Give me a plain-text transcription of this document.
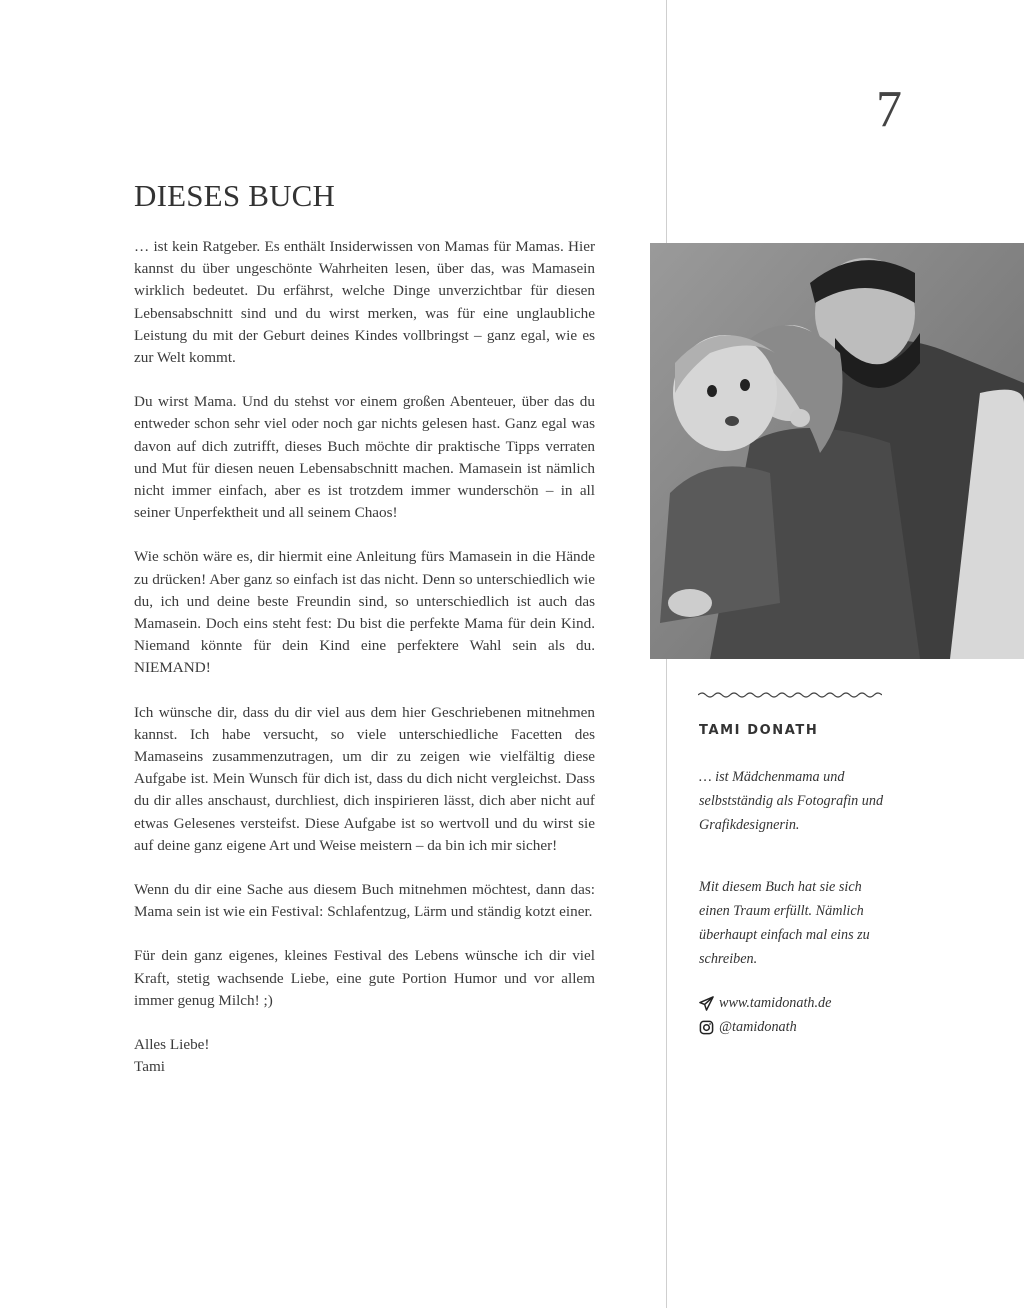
7
DIESES BUCH

… ist kein Ratgeber. Es enthält Insiderwissen von Mamas für Mamas. Hier kannst du über ungeschönte Wahrheiten lesen, über das, was Mamasein wirklich bedeutet. Du erfährst, welche Dinge unverzichtbar für diesen Lebensabschnitt sind und du wirst merken, was für eine unglaubliche Leistung du mit der Geburt deines Kindes vollbringst – ganz egal, wie es zur Welt kommt.

Du wirst Mama. Und du stehst vor einem großen Abenteuer, über das du entweder schon sehr viel oder noch gar nichts gelesen hast. Ganz egal was davon auf dich zutrifft, dieses Buch möchte dir praktische Tipps verraten und Mut für diesen neuen Lebensabschnitt machen. Mamasein ist nämlich nicht immer einfach, aber es ist trotzdem immer wunderschön – in all seiner Unperfektheit und all seinem Chaos!

Wie schön wäre es, dir hiermit eine Anleitung fürs Mamasein in die Hände zu drücken! Aber ganz so einfach ist das nicht. Denn so unterschiedlich wie du, ich und deine beste Freundin sind, so unterschiedlich ist auch das Mamasein. Doch eins steht fest: Du bist die perfekte Mama für dein Kind. Niemand könnte für dein Kind eine perfektere Wahl sein als du. NIEMAND!

Ich wünsche dir, dass du dir viel aus dem hier Geschriebenen mitnehmen kannst. Ich habe versucht, so viele unterschiedliche Facetten des Mamaseins zusammenzutragen, um dir zu zeigen wie vielfältig diese Aufgabe ist. Mein Wunsch für dich ist, dass du dich nicht vergleichst. Dass du dir alles anschaust, durchliest, dich inspirieren lässt, dich aber nicht auf etwas Gelesenes versteifst. Diese Aufgabe ist so wertvoll und du wirst sie auf deine ganz eigene Art und Weise meistern – da bin ich mir sicher!

Wenn du dir eine Sache aus diesem Buch mitnehmen möchtest, dann das: Mama sein ist wie ein Festival: Schlafentzug, Lärm und ständig kotzt einer.

Für dein ganz eigenes, kleines Festival des Lebens wünsche ich dir viel Kraft, stetig wachsende Liebe, eine gute Portion Humor und vor allem immer genug Milch! ;)

Alles Liebe!

Tami

TAMI DONATH

… ist Mädchenmama und selbstständig als Fotografin und Grafikdesignerin.

Mit diesem Buch hat sie sich einen Traum erfüllt. Nämlich überhaupt einfach mal eins zu schreiben.

www.tamidonath.de
@tamidonath
